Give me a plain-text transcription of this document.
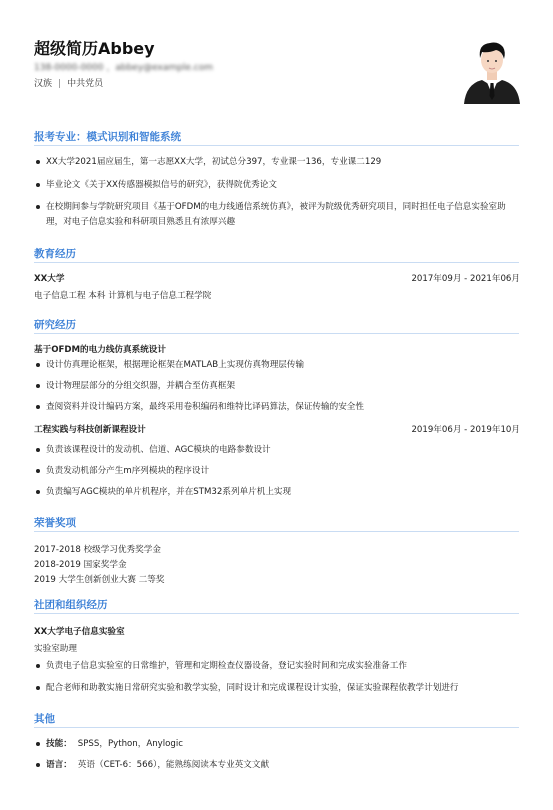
超级简历Abbey
138-0000-0000 ，abbey@example.com
汉族 | 中共党员
报考专业：模式识别和智能系统
XX大学2021届应届生，第一志愿XX大学，初试总分397，专业课一136，专业课二129
毕业论文《关于XX传感器模拟信号的研究》，获得院优秀论文
在校期间参与学院研究项目《基于OFDM的电力线通信系统仿真》，被评为院级优秀研究项目，同时担任电子信息实验室助
理，对电子信息实验和科研项目熟悉且有浓厚兴趣
教育经历
XX大学	2017年09月 - 2021年06月
电子信息工程 本科 计算机与电子信息工程学院
研究经历
基于OFDM的电力线仿真系统设计
设计仿真理论框架，根据理论框架在MATLAB上实现仿真物理层传输
设计物理层部分的分组交织器，并耦合至仿真框架
查阅资料并设计编码方案，最终采用卷积编码和维特比译码算法，保证传输的安全性
工程实践与科技创新课程设计	2019年06月 - 2019年10月
负责该课程设计的发动机、信道、AGC模块的电路参数设计
负责发动机部分产生m序列模块的程序设计
负责编写AGC模块的单片机程序，并在STM32系列单片机上实现
荣誉奖项
2017-2018 校级学习优秀奖学金
2018-2019 国家奖学金
2019 大学生创新创业大赛 二等奖
社团和组织经历
XX大学电子信息实验室
实验室助理
负责电子信息实验室的日常维护，管理和定期检查仪器设备，登记实验时间和完成实验准备工作
配合老师和助教实施日常研究实验和教学实验，同时设计和完成课程设计实验，保证实验课程依教学计划进行
其他
技能： SPSS，Python，Anylogic
语言： 英语（CET-6：566），能熟练阅读本专业英文文献
